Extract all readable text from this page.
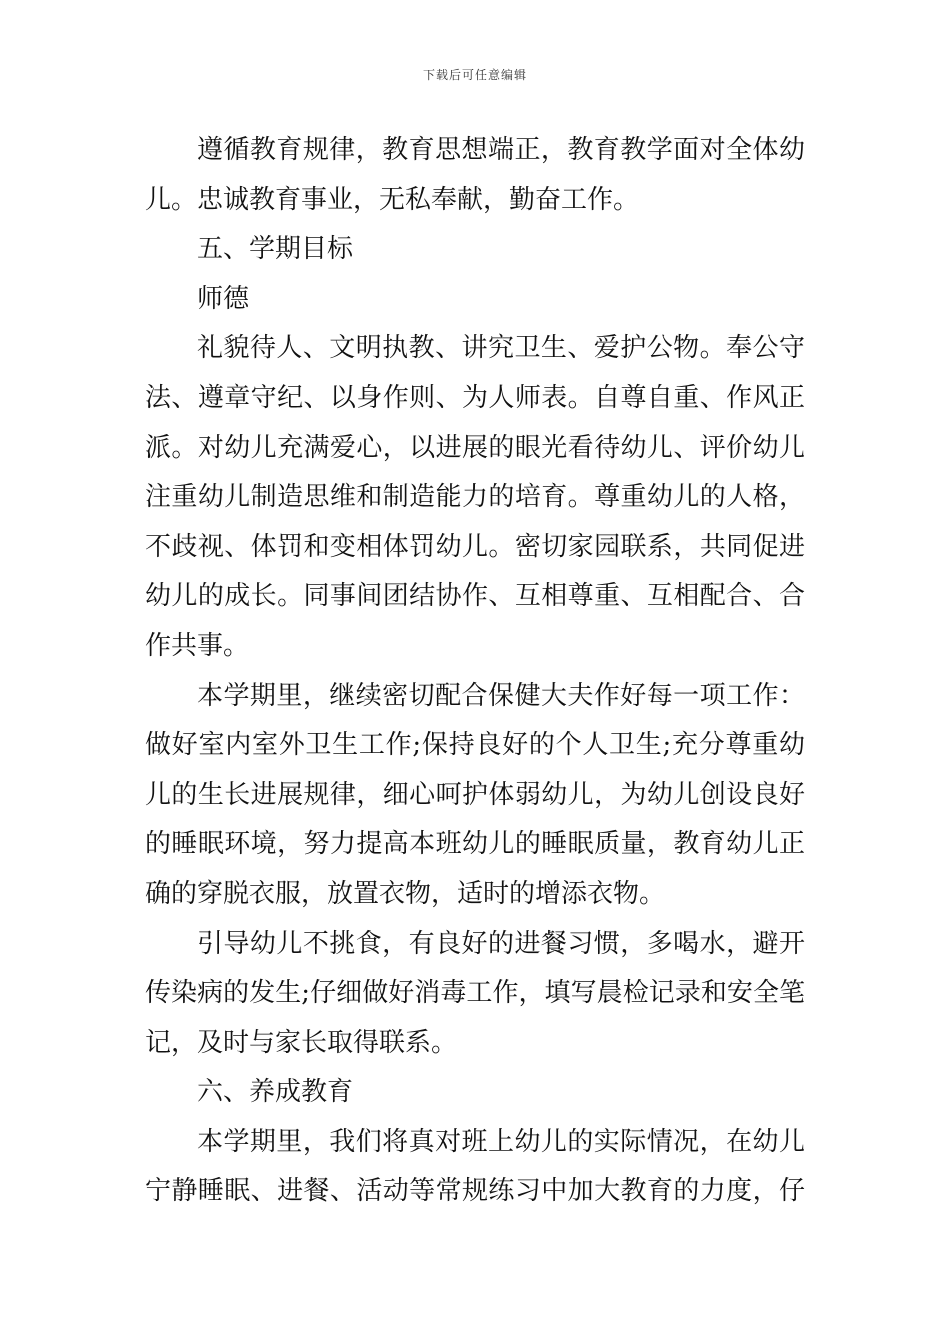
下载后可任意编辑
遵循教育规律，教育思想端正，教育教学面对全体幼
儿。忠诚教育事业，无私奉献，勤奋工作。
五、学期目标
师德
礼貌待人、文明执教、讲究卫生、爱护公物。奉公守
法、遵章守纪、以身作则、为人师表。自尊自重、作风正
派。对幼儿充满爱心，以进展的眼光看待幼儿、评价幼儿
注重幼儿制造思维和制造能力的培育。尊重幼儿的人格，
不歧视、体罚和变相体罚幼儿。密切家园联系，共同促进
幼儿的成长。同事间团结协作、互相尊重、互相配合、合
作共事。
本学期里，继续密切配合保健大夫作好每一项工作：
做好室内室外卫生工作;保持良好的个人卫生;充分尊重幼
儿的生长进展规律，细心呵护体弱幼儿，为幼儿创设良好
的睡眠环境，努力提高本班幼儿的睡眠质量，教育幼儿正
确的穿脱衣服，放置衣物，适时的增添衣物。
引导幼儿不挑食，有良好的进餐习惯，多喝水，避开
传染病的发生;仔细做好消毒工作，填写晨检记录和安全笔
记，及时与家长取得联系。
六、养成教育
本学期里，我们将真对班上幼儿的实际情况，在幼儿
宁静睡眠、进餐、活动等常规练习中加大教育的力度，仔
